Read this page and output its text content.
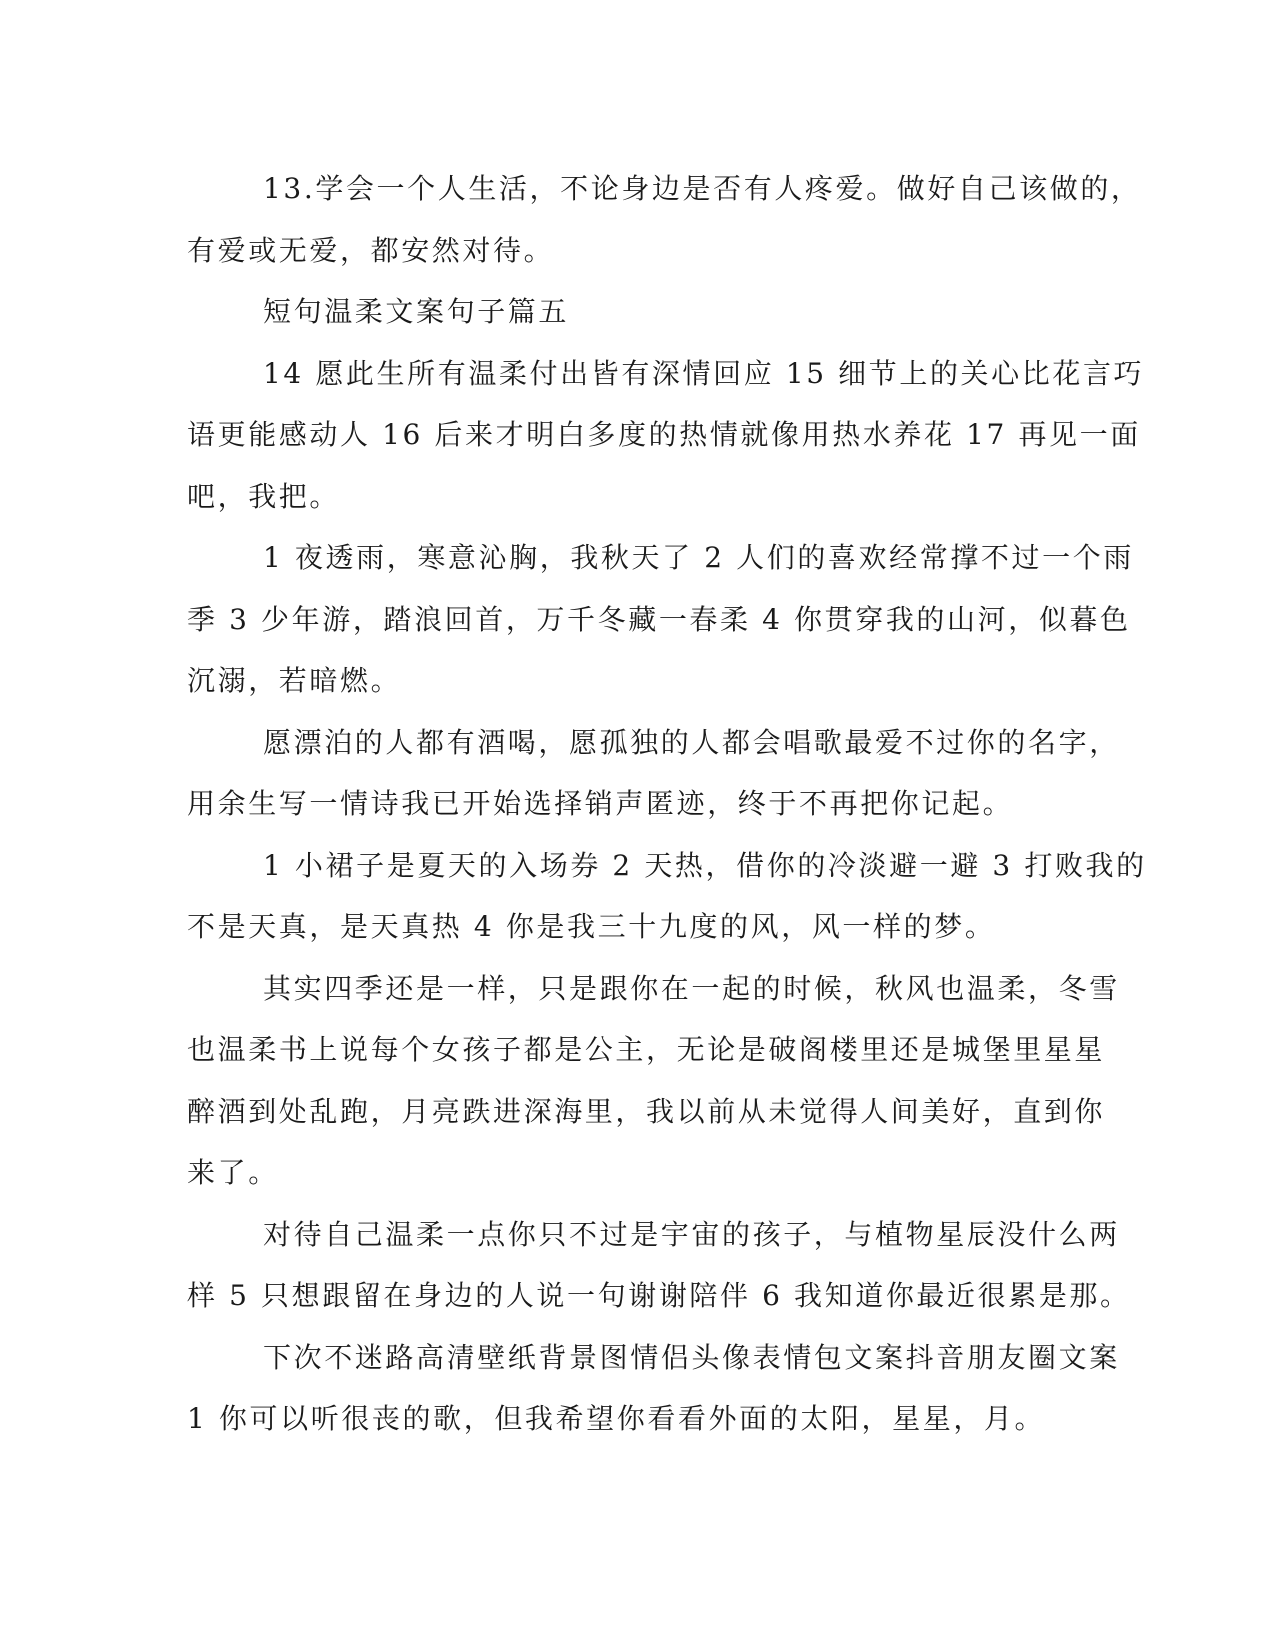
13.学会一个人生活，不论身边是否有人疼爱。做好自己该做的，
有爱或无爱，都安然对待。
短句温柔文案句子篇五
14 愿此生所有温柔付出皆有深情回应 15 细节上的关心比花言巧
语更能感动人 16 后来才明白多度的热情就像用热水养花 17 再见一面
吧，我把。
1 夜透雨，寒意沁胸，我秋天了 2 人们的喜欢经常撑不过一个雨
季 3 少年游，踏浪回首，万千冬藏一春柔 4 你贯穿我的山河，似暮色
沉溺，若暗燃。
愿漂泊的人都有酒喝，愿孤独的人都会唱歌最爱不过你的名字，
用余生写一情诗我已开始选择销声匿迹，终于不再把你记起。
1 小裙子是夏天的入场券 2 天热，借你的冷淡避一避 3 打败我的
不是天真，是天真热 4 你是我三十九度的风，风一样的梦。
其实四季还是一样，只是跟你在一起的时候，秋风也温柔，冬雪
也温柔书上说每个女孩子都是公主，无论是破阁楼里还是城堡里星星
醉酒到处乱跑，月亮跌进深海里，我以前从未觉得人间美好，直到你
来了。
对待自己温柔一点你只不过是宇宙的孩子，与植物星辰没什么两
样 5 只想跟留在身边的人说一句谢谢陪伴 6 我知道你最近很累是那。
下次不迷路高清壁纸背景图情侣头像表情包文案抖音朋友圈文案
1 你可以听很丧的歌，但我希望你看看外面的太阳，星星，月。
